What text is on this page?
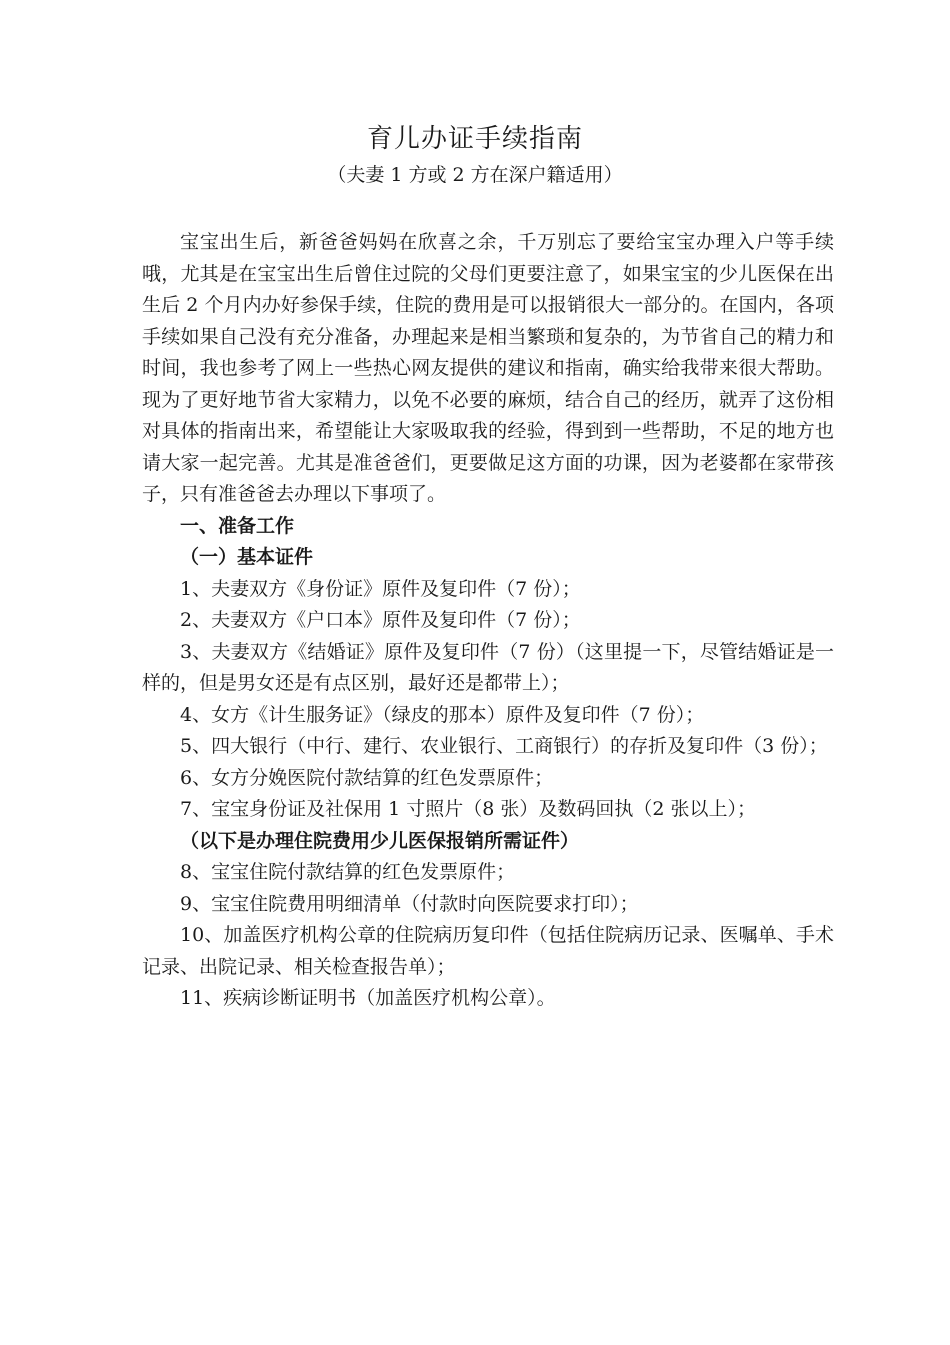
育儿办证手续指南
（夫妻 1 方或 2 方在深户籍适用）

宝宝出生后，新爸爸妈妈在欣喜之余，千万别忘了要给宝宝办理入户等手续哦，尤其是在宝宝出生后曾住过院的父母们更要注意了，如果宝宝的少儿医保在出生后 2 个月内办好参保手续，住院的费用是可以报销很大一部分的。在国内，各项手续如果自己没有充分准备，办理起来是相当繁琐和复杂的，为节省自己的精力和时间，我也参考了网上一些热心网友提供的建议和指南，确实给我带来很大帮助。现为了更好地节省大家精力，以免不必要的麻烦，结合自己的经历，就弄了这份相对具体的指南出来，希望能让大家吸取我的经验，得到到一些帮助，不足的地方也请大家一起完善。尤其是准爸爸们，更要做足这方面的功课，因为老婆都在家带孩子，只有准爸爸去办理以下事项了。

一、准备工作

（一）基本证件

1、夫妻双方《身份证》原件及复印件（7 份）；

2、夫妻双方《户口本》原件及复印件（7 份）；

3、夫妻双方《结婚证》原件及复印件（7 份）（这里提一下，尽管结婚证是一样的，但是男女还是有点区别，最好还是都带上）；

4、女方《计生服务证》（绿皮的那本）原件及复印件（7 份）；

5、四大银行（中行、建行、农业银行、工商银行）的存折及复印件（3 份）；

6、女方分娩医院付款结算的红色发票原件；

7、宝宝身份证及社保用 1 寸照片（8 张）及数码回执（2 张以上）；

（以下是办理住院费用少儿医保报销所需证件）

8、宝宝住院付款结算的红色发票原件；

9、宝宝住院费用明细清单（付款时向医院要求打印）；

10、加盖医疗机构公章的住院病历复印件（包括住院病历记录、医嘱单、手术记录、出院记录、相关检查报告单）；

11、疾病诊断证明书（加盖医疗机构公章）。
